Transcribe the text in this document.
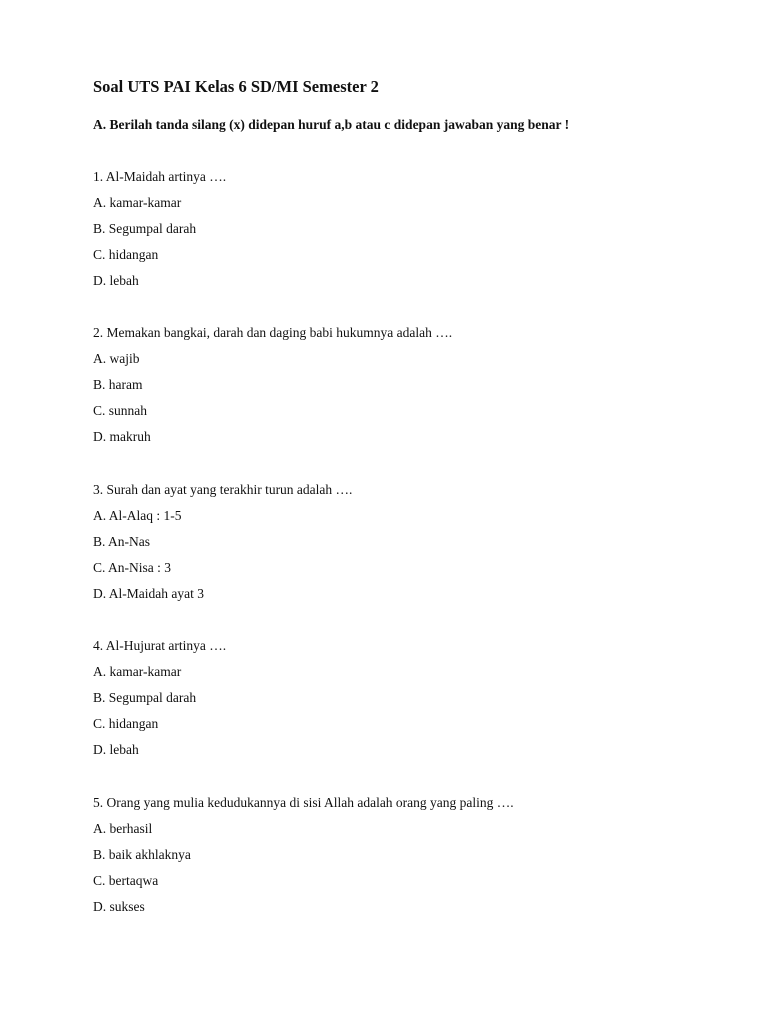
Soal UTS PAI Kelas 6 SD/MI Semester 2
A. Berilah tanda silang (x) didepan huruf a,b atau c didepan jawaban yang benar !
1. Al-Maidah artinya ….
A. kamar-kamar
B. Segumpal darah
C. hidangan
D. lebah
2. Memakan bangkai, darah dan daging babi hukumnya adalah ….
A. wajib
B. haram
C. sunnah
D. makruh
3. Surah dan ayat yang terakhir turun adalah ….
A. Al-Alaq : 1-5
B. An-Nas
C. An-Nisa : 3
D. Al-Maidah ayat 3
4. Al-Hujurat artinya ….
A. kamar-kamar
B. Segumpal darah
C. hidangan
D. lebah
5. Orang yang mulia kedudukannya di sisi Allah adalah orang yang paling ….
A. berhasil
B. baik akhlaknya
C. bertaqwa
D. sukses
